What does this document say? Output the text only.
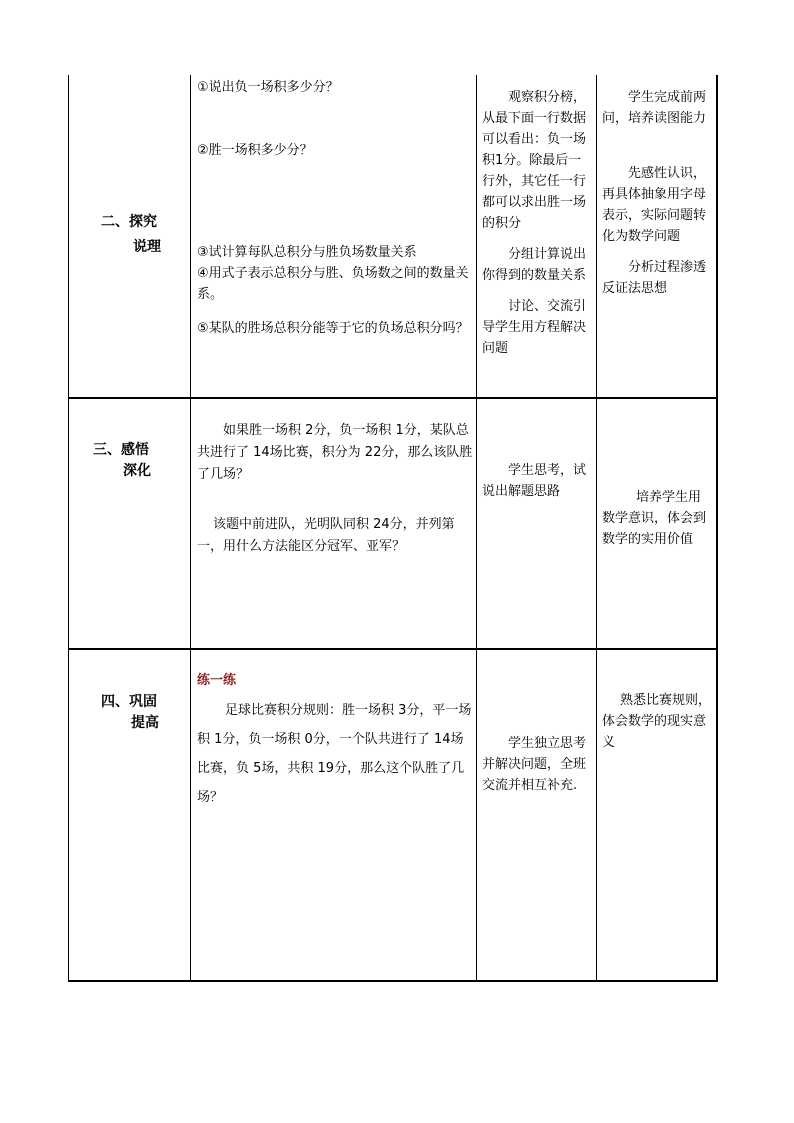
二、探究
说理

①说出负一场积多少分？

②胜一场积多少分？

③试计算每队总积分与胜负场数量关系

④用式子表示总积分与胜、负场数之间的数量关系。

⑤某队的胜场总积分能等于它的负场总积分吗？

观察积分榜，从最下面一行数据可以看出：负一场积1分。除最后一行外，其它任一行都可以求出胜一场的积分

分组计算说出你得到的数量关系

讨论、交流引导学生用方程解决问题

学生完成前两问，培养读图能力

先感性认识，再具体抽象用字母表示，实际问题转化为数学问题

分析过程渗透反证法思想

三、感悟
深化

如果胜一场积 2分，负一场积 1分，某队总共进行了 14场比赛，积分为 22分，那么该队胜了几场？

该题中前进队，光明队同积 24分，并列第一，用什么方法能区分冠军、亚军？

学生思考，试说出解题思路	培养学生用数学意识，体会到数学的实用价值

四、巩固
提高

练一练

足球比赛积分规则：胜一场积 3分，平一场积 1分，负一场积 0分，一个队共进行了 14场比赛，负 5场，共积 19分，那么这个队胜了几场？

学生独立思考并解决问题，全班交流并相互补充.

熟悉比赛规则，体会数学的现实意义
